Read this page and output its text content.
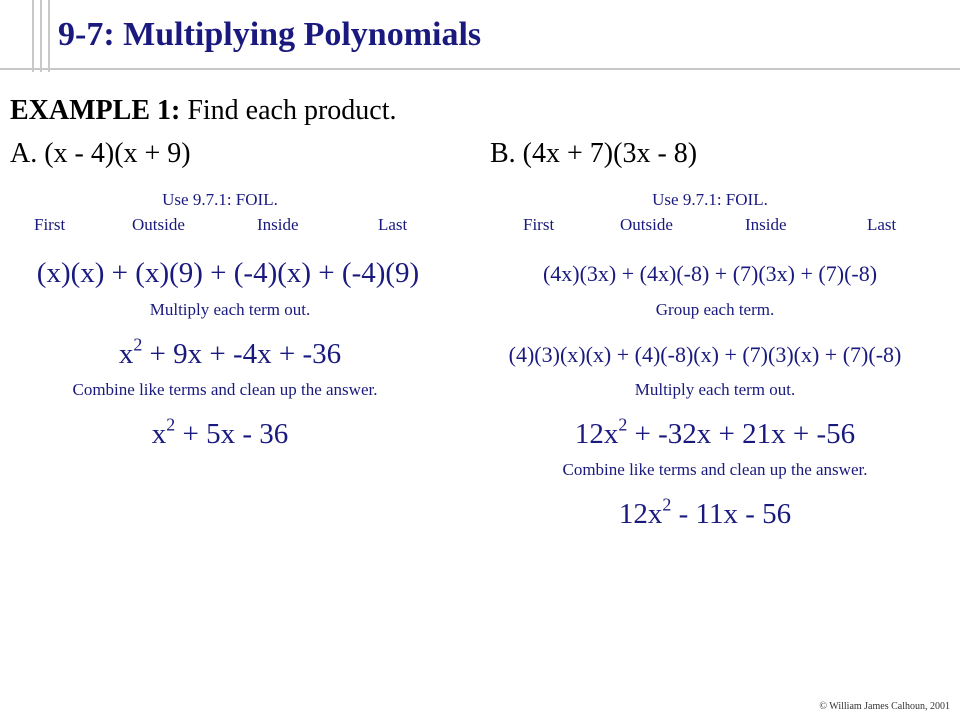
9-7: Multiplying Polynomials
EXAMPLE 1: Find each product.
A. (x - 4)(x + 9)
Use 9.7.1: FOIL.
First	Outside	Inside	Last
(x)(x) + (x)(9) + (-4)(x) + (-4)(9)
Multiply each term out.
$x^2 + 9x + -4x + -36$
Combine like terms and clean up the answer.
$x^2 + 5x - 36$
B. (4x + 7)(3x - 8)
Use 9.7.1: FOIL.
First	Outside	Inside	Last
(4x)(3x) + (4x)(-8) + (7)(3x) + (7)(-8)
Group each term.
(4)(3)(x)(x) + (4)(-8)(x) + (7)(3)(x) + (7)(-8)
Multiply each term out.
$12x^2 + -32x + 21x + -56$
Combine like terms and clean up the answer.
$12x^2 - 11x - 56$
© William James Calhoun, 2001
